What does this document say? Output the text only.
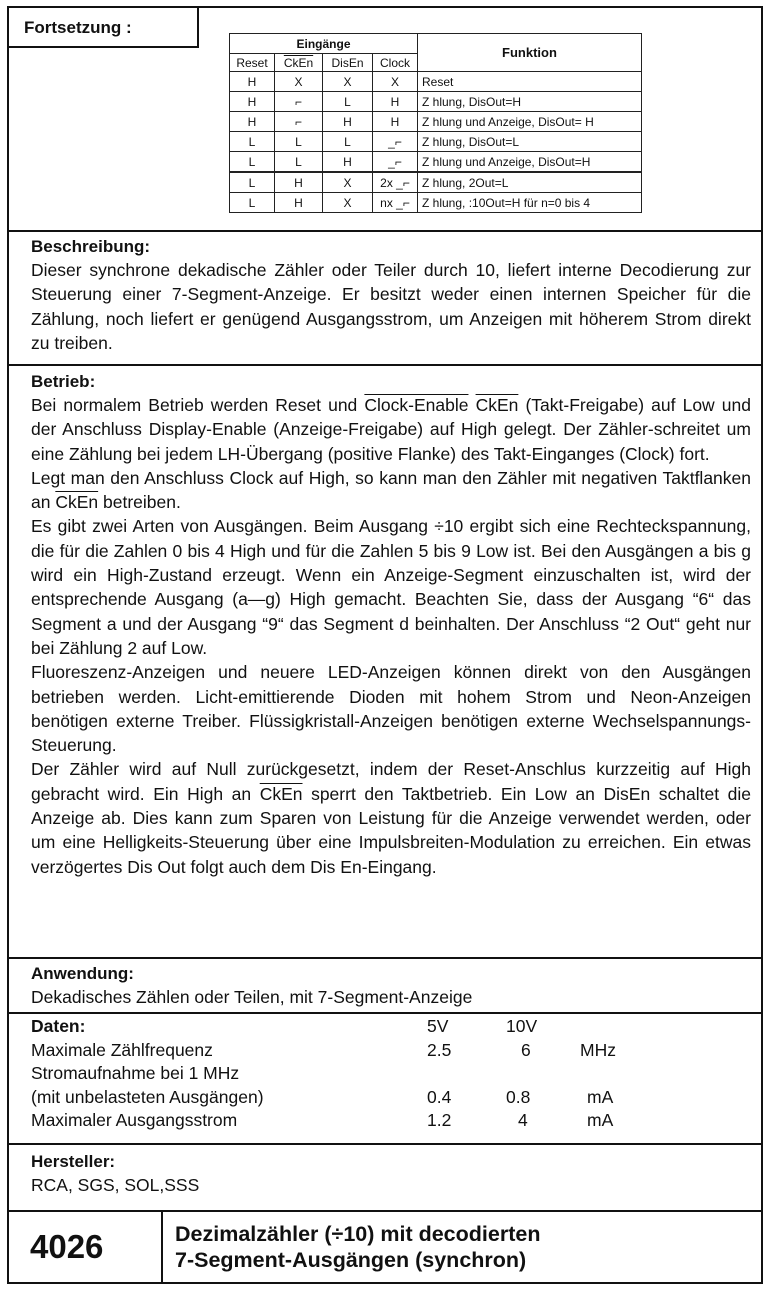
Fortsetzung :
Eingänge				Funktion
Reset	CkEn	DisEn	Clock	
H	X	X	X	Reset
H	⌐	L	H	Z hlung, DisOut=H
H	⌐	H	H	Z hlung und Anzeige, DisOut= H
L	L	L	_⌐	Z hlung, DisOut=L
L	L	H	_⌐	Z hlung und Anzeige, DisOut=H
L	H	X	2x _⌐	Z hlung, 2Out=L
L	H	X	nx _⌐	Z hlung, :10Out=H für n=0 bis 4
Beschreibung:
Dieser synchrone dekadische Zähler oder Teiler durch 10, liefert interne Decodierung zur Steuerung einer 7-Segment-Anzeige. Er besitzt weder einen internen Speicher für die Zählung, noch liefert er genügend Ausgangsstrom, um Anzeigen mit höherem Strom direkt zu treiben.
Betrieb:
Bei normalem Betrieb werden Reset und Clock-Enable CkEn (Takt-Freigabe) auf Low und der Anschluss Display-Enable (Anzeige-Freigabe) auf High gelegt. Der Zähler-schreitet um eine Zählung bei jedem LH-Übergang (positive Flanke) des Takt-Einganges (Clock) fort.
Legt man den Anschluss Clock auf High, so kann man den Zähler mit negativen Taktflanken an CkEn betreiben.
Es gibt zwei Arten von Ausgängen. Beim Ausgang ÷10 ergibt sich eine Rechteckspannung, die für die Zahlen 0 bis 4 High und für die Zahlen 5 bis 9 Low ist. Bei den Ausgängen a bis g wird ein High-Zustand erzeugt. Wenn ein Anzeige-Segment einzuschalten ist, wird der entsprechende Ausgang (a—g) High gemacht. Beachten Sie, dass der Ausgang “6“ das Segment a und der Ausgang “9“ das Segment d beinhalten. Der Anschluss “2 Out“ geht nur bei Zählung 2 auf Low.
Fluoreszenz-Anzeigen und neuere LED-Anzeigen können direkt von den Ausgängen betrieben werden. Licht-emittierende Dioden mit hohem Strom und Neon-Anzeigen benötigen externe Treiber. Flüssigkristall-Anzeigen benötigen externe Wechselspannungs-Steuerung.
Der Zähler wird auf Null zurückgesetzt, indem der Reset-Anschlus kurzzeitig auf High gebracht wird. Ein High an CkEn sperrt den Taktbetrieb. Ein Low an DisEn schaltet die Anzeige ab. Dies kann zum Sparen von Leistung für die Anzeige verwendet werden, oder um eine Helligkeits-Steuerung über eine Impulsbreiten-Modulation zu erreichen. Ein etwas verzögertes Dis Out folgt auch dem Dis En-Eingang.
Anwendung:
Dekadisches Zählen oder Teilen, mit 7-Segment-Anzeige
Daten:	5V	10V
Maximale Zählfrequenz	2.5	6	MHz
Stromaufnahme bei 1 MHz
(mit unbelasteten Ausgängen)	0.4	0.8	mA
Maximaler Ausgangsstrom	1.2	4	mA
Hersteller:
RCA, SGS, SOL,SSS
4026	Dezimalzähler (÷10) mit decodierten
7-Segment-Ausgängen (synchron)
